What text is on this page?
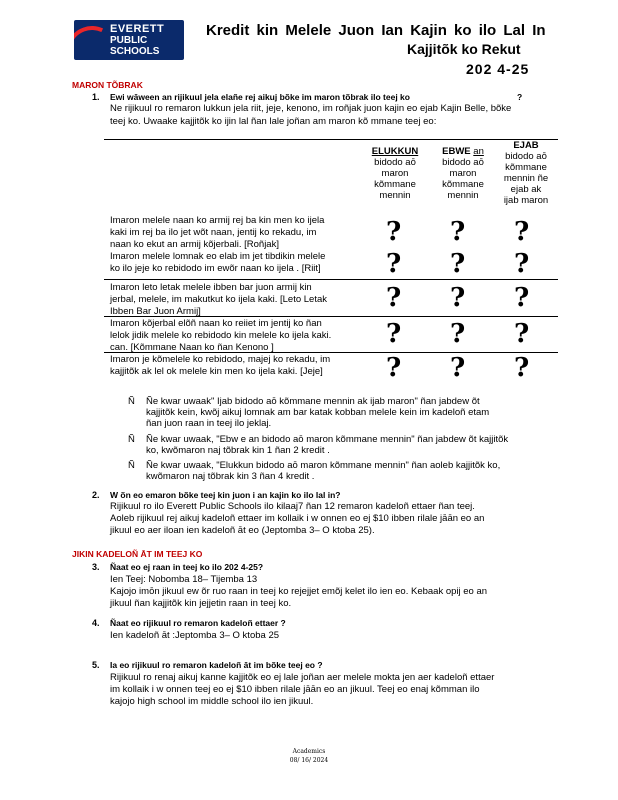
EVERETT
PUBLIC
SCHOOLS
Kredit kin Melele Juon Ian Kajin ko ilo Lal In
Kajjitõk ko Rekut
202 4-25
MARON TÕBRAK
1. Ewi wāween an rijikuul jela elañe rej aikuj bõke im maron tõbrak ilo teej ko	?
Ne rijikuul ro remaron lukkun jela riit, jeje, kenono, im roñjak juon kajin eo ejab Kajin Belle, bõke
teej ko. Uwaake kajjitõk ko ijin lal ñan lale joñan am maron kõ mmane teej eo:
ELUKKUN
bidodo aō
maron
kõmmane
mennin
EBWE an
bidodo aō
maron
kõmmane
mennin
EJAB
bidodo aō
kõmmane
mennin ñe
ejab ak
ijab maron
Imaron melele naan ko armij rej ba kin men ko ijela
kaki im rej ba ilo jet wõt naan, jentij ko rekadu, im
naan ko ekut an armij kõjerbali. [Roñjak]
Imaron melele lomnak eo elab im jet tibdikin melele
ko ilo jeje ko rebidodo im ewõr naan ko ijela . [Riit]
Imaron leto letak melele ibben bar juon armij kin
jerbal, melele, im makutkut ko ijela kaki. [Leto Letak
Ibben Bar Juon Armij]
Imaron kõjerbal elõñ naan ko reiiet im jentij ko ñan
lelok jidik melele ko rebidodo kin melele ko ijela kaki.
can. [Kõmmane Naan ko ñan Kenono ]
Imaron je kõmelele ko rebidodo, majej ko rekadu, im
kajjitõk ak lel ok melele kin men ko ijela kaki. [Jeje]
? ? ?
? ? ?
? ? ?
? ? ?
? ? ?
Ñ Ñe kwar uwaak" Ijab bidodo aō kõmmane mennin ak ijab maron" ñan jabdew õt
kajjitõk kein, kwõj aikuj lomnak am bar katak kobban melele kein im kadeloñ etam
ñan juon raan in teej ilo jeklaj.
Ñ Ñe kwar uwaak, "Ebw e an bidodo aō maron kõmmane mennin" ñan jabdew õt kajjitõk
ko, kwõmaron naj tõbrak kin 1 ñan 2 kredit .
Ñ Ñe kwar uwaak, "Elukkun bidodo aō maron kõmmane mennin" ñan aoleb kajjitõk ko,
kwõmaron naj tõbrak kin 3 ñan 4 kredit .
2. W õn eo emaron bõke teej kin juon i an kajin ko ilo lal in?
Rijikuul ro ilo Everett Public Schools ilo kilaaj7 ñan 12 remaron kadeloñ ettaer ñan teej.
Aoleb rijikuul rej aikuj kadeloñ ettaer im kollaik i w onnen eo ej $10 ibben rilale jāān eo an
jikuul eo aer iloan ien kadeloñ āt eo (Jeptomba 3– O ktoba 25).
JIKIN KADELOÑ ĀT IM TEEJ KO
3. Ñaat eo ej raan in teej ko ilo 202 4-25?
Ien Teej: Nobomba 18– Tijemba 13
Kajojo imōn jikuul ew õr ruo raan in teej ko rejejjet emõj kelet ilo ien eo. Kebaak opij eo an
jikuul ñan kajjitõk kin jejjetin raan in teej ko.
4. Ñaat eo rijikuul ro remaron kadeloñ ettaer ?
Ien kadeloñ āt :Jeptomba 3– O ktoba 25
5. Ia eo rijikuul ro remaron kadeloñ āt im bõke teej eo ?
Rijikuul ro renaj aikuj kanne kajjitõk eo ej lale joñan aer melele mokta jen aer kadeloñ ettaer
im kollaik i w onnen teej eo ej $10 ibben rilale jāān eo an jikuul. Teej eo enaj kõmman ilo
kajojo high school im middle school ilo ien jikuul.
Academics
08/ 16/ 2024
